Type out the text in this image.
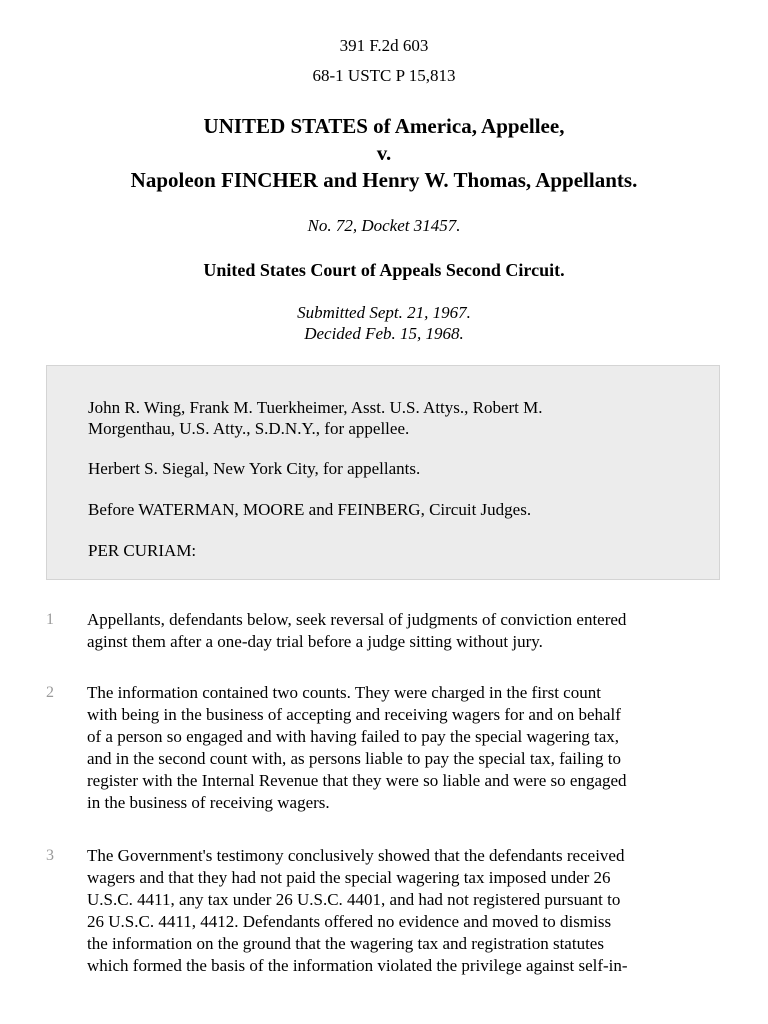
391 F.2d 603
68-1 USTC P 15,813
UNITED STATES of America, Appellee,
v.
Napoleon FINCHER and Henry W. Thomas, Appellants.
No. 72, Docket 31457.
United States Court of Appeals Second Circuit.
Submitted Sept. 21, 1967.
Decided Feb. 15, 1968.

John R. Wing, Frank M. Tuerkheimer, Asst. U.S. Attys., Robert M.
Morgenthau, U.S. Atty., S.D.N.Y., for appellee.

Herbert S. Siegal, New York City, for appellants.

Before WATERMAN, MOORE and FEINBERG, Circuit Judges.

PER CURIAM:

1	Appellants, defendants below, seek reversal of judgments of conviction entered
aginst them after a one-day trial before a judge sitting without jury.

2	The information contained two counts. They were charged in the first count
with being in the business of accepting and receiving wagers for and on behalf
of a person so engaged and with having failed to pay the special wagering tax,
and in the second count with, as persons liable to pay the special tax, failing to
register with the Internal Revenue that they were so liable and were so engaged
in the business of receiving wagers.

3	The Government's testimony conclusively showed that the defendants received
wagers and that they had not paid the special wagering tax imposed under 26
U.S.C. 4411, any tax under 26 U.S.C. 4401, and had not registered pursuant to
26 U.S.C. 4411, 4412. Defendants offered no evidence and moved to dismiss
the information on the ground that the wagering tax and registration statutes
which formed the basis of the information violated the privilege against self-in-
